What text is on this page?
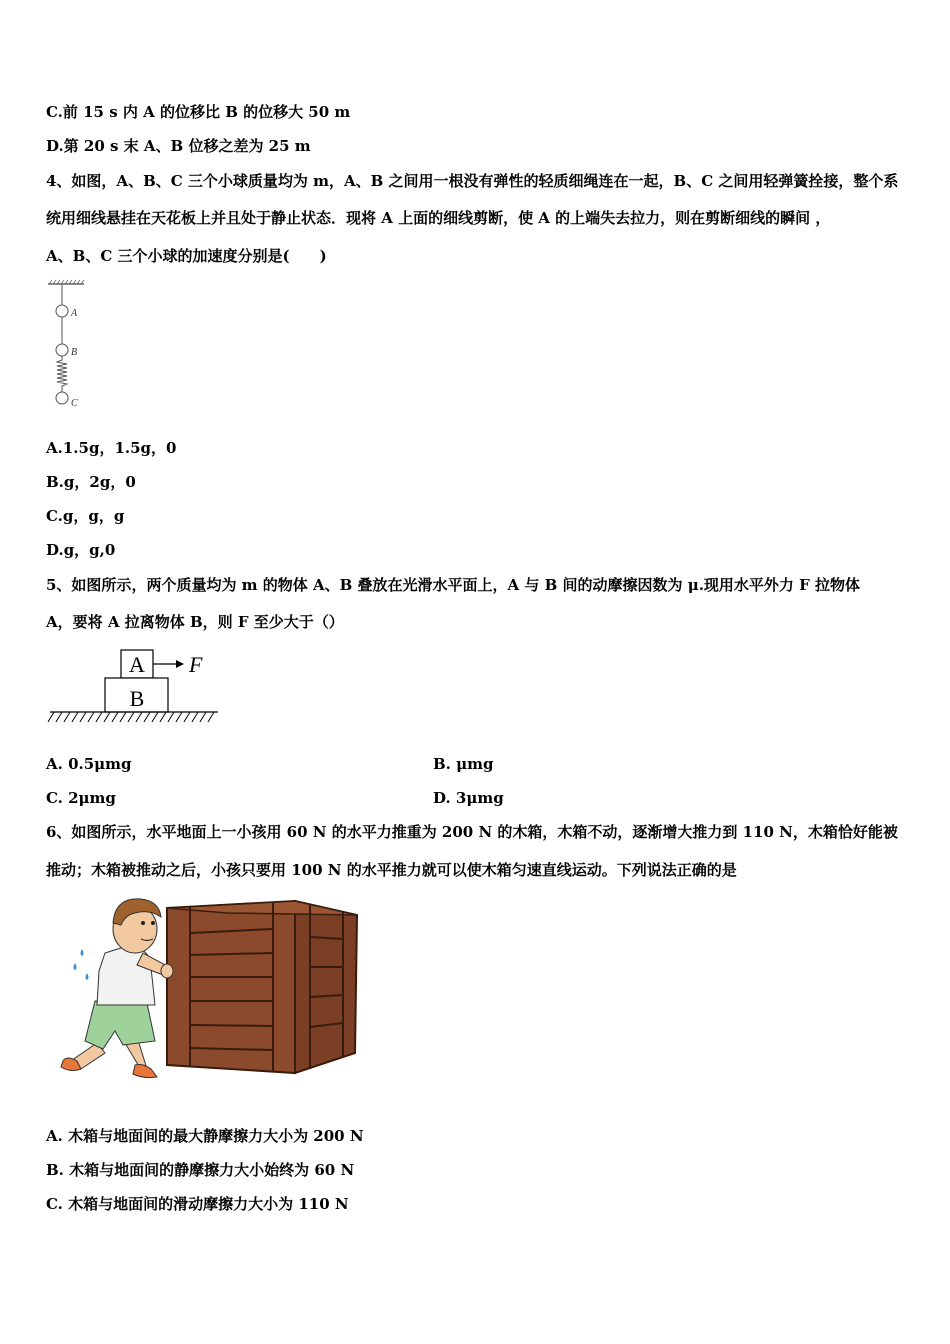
C.前 15 s 内 A 的位移比 B 的位移大 50 m
D.第 20 s 末 A、B 位移之差为 25 m
4、如图，A、B、C 三个小球质量均为 m，A、B 之间用一根没有弹性的轻质细绳连在一起，B、C 之间用轻弹簧拴接，整个系
统用细线悬挂在天花板上并且处于静止状态．现将 A 上面的细线剪断，使 A 的上端失去拉力，则在剪断细线的瞬间 ，
A、B、C 三个小球的加速度分别是(　　)
A
B
C
A.1.5g，1.5g，0
B.g，2g，0
C.g，g，g
D.g，g,0
5、如图所示，两个质量均为 m 的物体 A、B 叠放在光滑水平面上，A 与 B 间的动摩擦因数为 μ.现用水平外力 F 拉物体
A，要将 A 拉离物体 B，则 F 至少大于（）
A
B
F
A. 0.5μmg	B. μmg
C. 2μmg	D. 3μmg
6、如图所示，水平地面上一小孩用 60 N 的水平力推重为 200 N 的木箱，木箱不动，逐渐增大推力到 110 N，木箱恰好能被
推动；木箱被推动之后，小孩只要用 100 N 的水平推力就可以使木箱匀速直线运动。下列说法正确的是
A. 木箱与地面间的最大静摩擦力大小为 200 N
B. 木箱与地面间的静摩擦力大小始终为 60 N
C. 木箱与地面间的滑动摩擦力大小为 110 N
